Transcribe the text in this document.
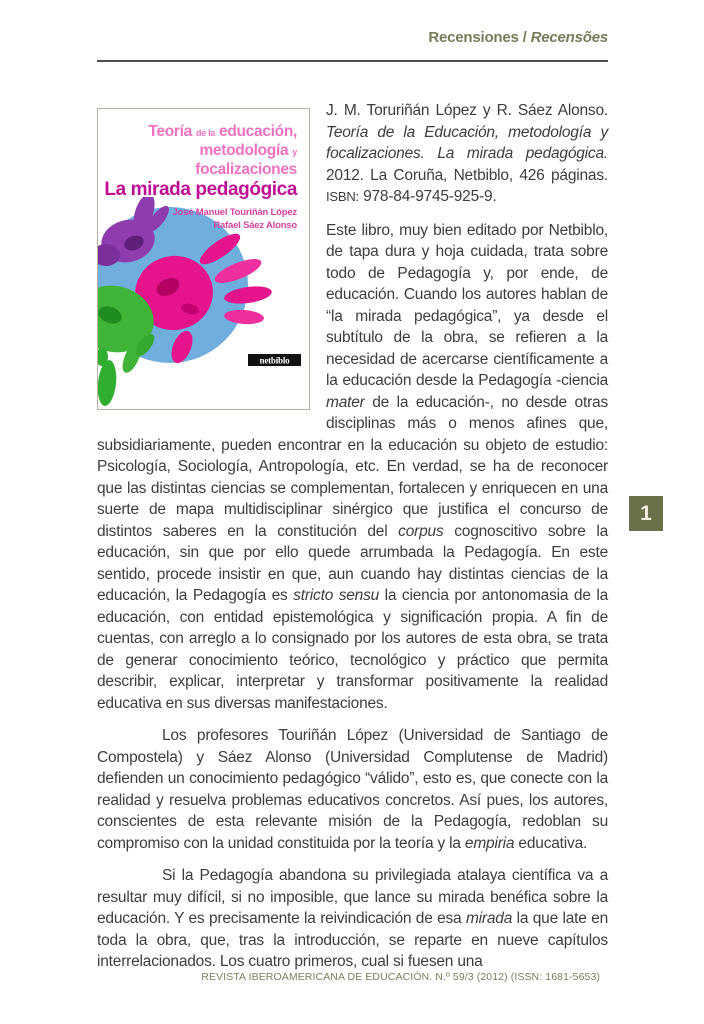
Recensiones / Recensões
Teoría de la educación,
metodología y focalizaciones
La mirada pedagógica
José Manuel Touriñán López
Rafael Sáez Alonso
netbiblo

J. M. Toruriñán López y R. Sáez Alonso. Teoría de la Educación, metodología y focalizaciones. La mirada pedagógica. 2012. La Coruña, Netbiblo, 426 páginas. ISBN: 978-84-9745-925-9.

Este libro, muy bien editado por Netbiblo, de tapa dura y hoja cuidada, trata sobre todo de Pedagogía y, por ende, de educación. Cuando los autores hablan de “la mirada pedagógica”, ya desde el subtítulo de la obra, se refieren a la necesidad de acercarse científicamente a la educación desde la Pedagogía -ciencia mater de la educación-, no desde otras disciplinas más o menos afines que, subsidiariamente, pueden encontrar en la educación su objeto de estudio: Psicología, Sociología, Antropología, etc. En verdad, se ha de reconocer que las distintas ciencias se complementan, fortalecen y enriquecen en una suerte de mapa multidisciplinar sinérgico que justifica el concurso de distintos saberes en la constitución del corpus cognoscitivo sobre la educación, sin que por ello quede arrumbada la Pedagogía. En este sentido, procede insistir en que, aun cuando hay distintas ciencias de la educación, la Pedagogía es stricto sensu la ciencia por antonomasia de la educación, con entidad epistemológica y significación propia. A fin de cuentas, con arreglo a lo consignado por los autores de esta obra, se trata de generar conocimiento teórico, tecnológico y práctico que permita describir, explicar, interpretar y transformar positivamente la realidad educativa en sus diversas manifestaciones.

Los profesores Touriñán López (Universidad de Santiago de Compostela) y Sáez Alonso (Universidad Complutense de Madrid) defienden un conocimiento pedagógico “válido”, esto es, que conecte con la realidad y resuelva problemas educativos concretos. Así pues, los autores, conscientes de esta relevante misión de la Pedagogía, redoblan su compromiso con la unidad constituida por la teoría y la empiria educativa.

Si la Pedagogía abandona su privilegiada atalaya científica va a resultar muy difícil, si no imposible, que lance su mirada benéfica sobre la educación. Y es precisamente la reivindicación de esa mirada la que late en toda la obra, que, tras la introducción, se reparte en nueve capítulos interrelacionados. Los cuatro primeros, cual si fuesen una

1
REVISTA IBEROAMERICANA DE EDUCACIÓN. N.º 59/3 (2012) (ISSN: 1681-5653)
